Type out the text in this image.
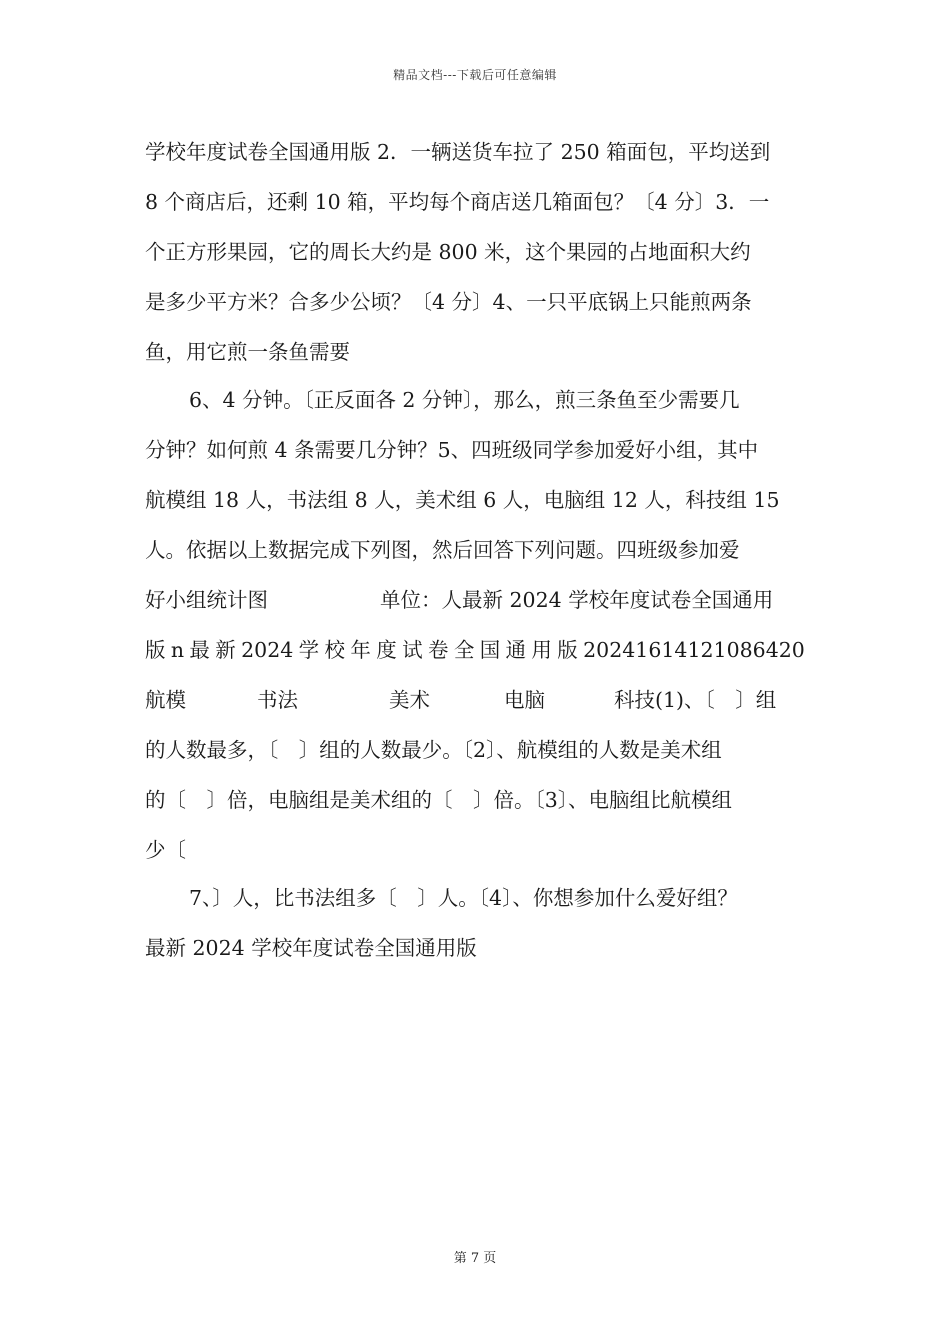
精品文档---下载后可任意编辑
学校年度试卷全国通用版 2．一辆送货车拉了 250 箱面包，平均送到
8 个商店后，还剩 10 箱，平均每个商店送几箱面包？〔4 分〕3．一
个正方形果园，它的周长大约是 800 米，这个果园的占地面积大约
是多少平方米？合多少公顷？〔4 分〕4、一只平底锅上只能煎两条
鱼，用它煎一条鱼需要
6、4 分钟。〔正反面各 2 分钟〕，那么，煎三条鱼至少需要几
分钟？如何煎 4 条需要几分钟？5、四班级同学参加爱好小组，其中
航模组 18 人，书法组 8 人，美术组 6 人，电脑组 12 人，科技组 15
人。依据以上数据完成下列图，然后回答下列问题。四班级参加爱
好小组统计图	单位：人最新 2024 学校年度试卷全国通用
版 n 最 新 2024 学 校 年 度 试 卷 全 国 通 用 版 20241614121086420
航模	书法	美术	电脑	科技(1)、〔　〕组
的人数最多，〔　〕组的人数最少。〔2〕、航模组的人数是美术组
的〔　〕倍，电脑组是美术组的〔　〕倍。〔3〕、电脑组比航模组
少〔
7、〕人，比书法组多〔　〕人。〔4〕、你想参加什么爱好组？
最新 2024 学校年度试卷全国通用版
第 7 页
